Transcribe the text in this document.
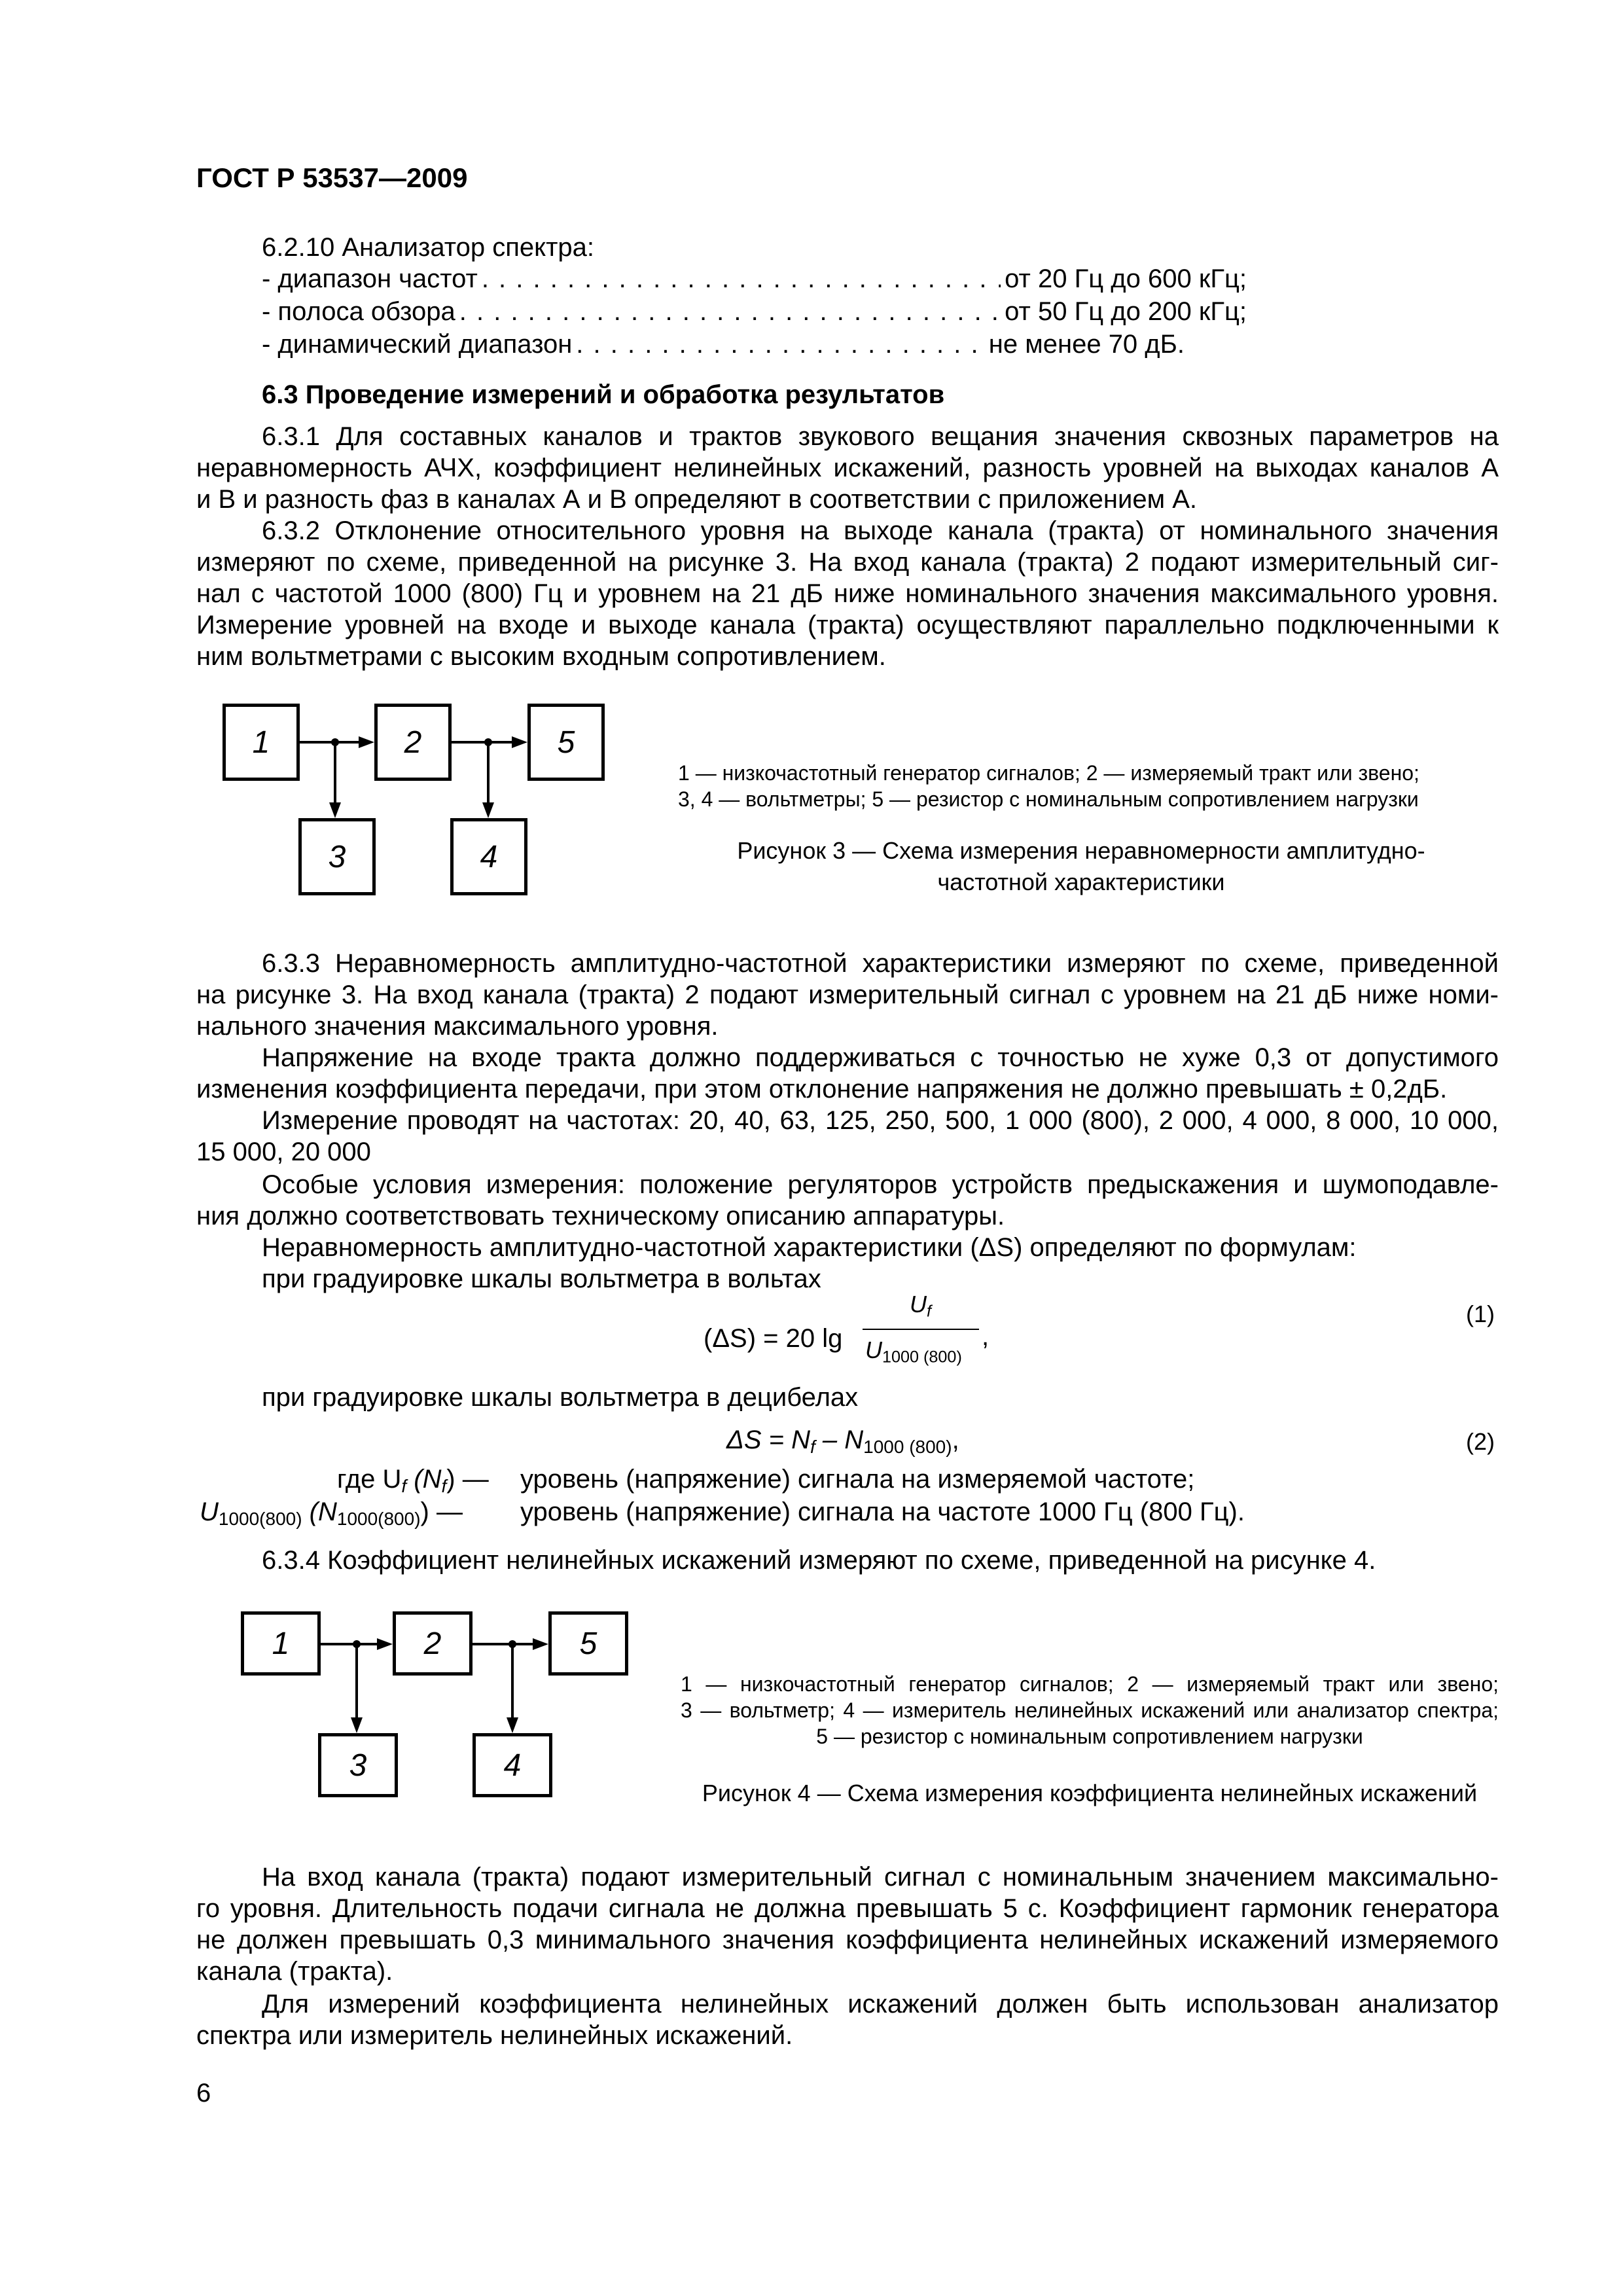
ГОСТ Р 53537—2009
6.2.10 Анализатор спектра:
- диапазон частот . . .	от 20 Гц до 600 кГц;
- полоса обзора . . .	от 50 Гц до 200 кГц;
- динамический диапазон . . .	не менее 70 дБ.
6.3 Проведение измерений и обработка результатов
6.3.1 Для составных каналов и трактов звукового вещания значения сквозных параметров на
неравномерность АЧХ, коэффициент нелинейных искажений, разность уровней на выходах каналов А
и В и разность фаз в каналах А и В определяют в соответствии с приложением А.
6.3.2 Отклонение относительного уровня на выходе канала (тракта) от номинального значения
измеряют по схеме, приведенной на рисунке 3. На вход канала (тракта) 2 подают измерительный сиг-
нал с частотой 1000 (800) Гц и уровнем на 21 дБ ниже номинального значения максимального уровня.
Измерение уровней на входе и выходе канала (тракта) осуществляют параллельно подключенными к
ним вольтметрами с высоким входным сопротивлением.
1	2	5
3	4
1 — низкочастотный генератор сигналов; 2 — измеряемый тракт или звено;
3, 4 — вольтметры; 5 — резистор с номинальным сопротивлением нагрузки
Рисунок 3 — Схема измерения неравномерности амплитудно-
частотной характеристики
6.3.3 Неравномерность амплитудно-частотной характеристики измеряют по схеме, приведенной
на рисунке 3. На вход канала (тракта) 2 подают измерительный сигнал с уровнем на 21 дБ ниже номи-
нального значения максимального уровня.
Напряжение на входе тракта должно поддерживаться с точностью не хуже 0,3 от допустимого
изменения коэффициента передачи, при этом отклонение напряжения не должно превышать ± 0,2дБ.
Измерение проводят на частотах: 20, 40, 63, 125, 250, 500, 1 000 (800), 2 000, 4 000, 8 000, 10 000,
15 000, 20 000
Особые условия измерения: положение регуляторов устройств предыскажения и шумоподавле-
ния должно соответствовать техническому описанию аппаратуры.
Неравномерность амплитудно-частотной характеристики (ΔS) определяют по формулам:
при градуировке шкалы вольтметра в вольтах
(ΔS) = 20 lg
$U_f$
$U_{1000 (800)}$
,
(1)
при градуировке шкалы вольтметра в децибелах
$\Delta S = N_f - N_{1000 (800)}$,	(2)
где $U_f$ $(N_f)$ — уровень (напряжение) сигнала на измеряемой частоте;
$U_{1000(800)}$ $(N_{1000(800)})$ — уровень (напряжение) сигнала на частоте 1000 Гц (800 Гц).
6.3.4 Коэффициент нелинейных искажений измеряют по схеме, приведенной на рисунке 4.
1	2	5
3	4
1 — низкочастотный генератор сигналов; 2 — измеряемый тракт или звено;
3 — вольтметр; 4 — измеритель нелинейных искажений или анализатор спектра;
5 — резистор с номинальным сопротивлением нагрузки
Рисунок 4 — Схема измерения коэффициента нелинейных искажений
На вход канала (тракта) подают измерительный сигнал с номинальным значением максимально-
го уровня. Длительность подачи сигнала не должна превышать 5 с. Коэффициент гармоник генератора
не должен превышать 0,3 минимального значения коэффициента нелинейных искажений измеряемого
канала (тракта).
Для измерений коэффициента нелинейных искажений должен быть использован анализатор
спектра или измеритель нелинейных искажений.
6
